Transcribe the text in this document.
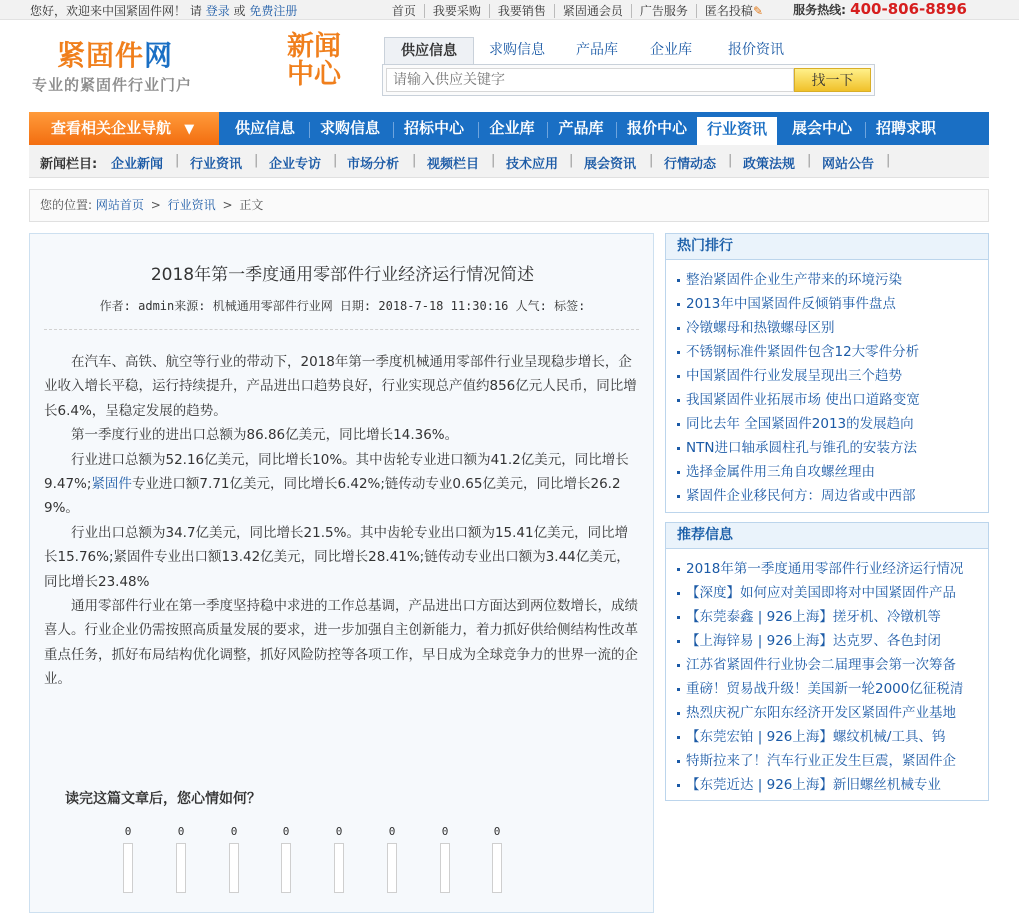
您好，欢迎来中国紧固件网！ 请 登录 或 免费注册	首页 我要采购 我要销售 紧固通会员 广告服务 匿名投稿✎	服务热线: 400-806-8896
紧固件网
专业的紧固件行业门户
新闻中心
供应信息	求购信息	产品库	企业库	报价资讯
请输入供应关键字
找一下
查看相关企业导航 ▼	供应信息	求购信息	招标中心	企业库	产品库	报价中心	行业资讯	展会中心	招聘求职
新闻栏目: 企业新闻 | 行业资讯 | 企业专访 | 市场分析 | 视频栏目 | 技术应用 | 展会资讯 | 行情动态 | 政策法规 | 网站公告 |
您的位置: 网站首页 > 行业资讯 > 正文
2018年第一季度通用零部件行业经济运行情况简述
作者: admin来源: 机械通用零部件行业网 日期: 2018-7-18 11:30:16 人气: 标签:

在汽车、高铁、航空等行业的带动下，2018年第一季度机械通用零部件行业呈现稳步增长，企业收入增长平稳，运行持续提升，产品进出口趋势良好，行业实现总产值约856亿元人民币，同比增长6.4%，呈稳定发展的趋势。

第一季度行业的进出口总额为86.86亿美元，同比增长14.36%。

行业进口总额为52.16亿美元，同比增长10%。其中齿轮专业进口额为41.2亿美元，同比增长9.47%;紧固件专业进口额7.71亿美元，同比增长6.42%;链传动专业0.65亿美元，同比增长26.29%。

行业出口总额为34.7亿美元，同比增长21.5%。其中齿轮专业出口额为15.41亿美元，同比增长15.76%;紧固件专业出口额13.42亿美元，同比增长28.41%;链传动专业出口额为3.44亿美元，同比增长23.48%

通用零部件行业在第一季度坚持稳中求进的工作总基调，产品进出口方面达到两位数增长，成绩喜人。行业企业仍需按照高质量发展的要求，进一步加强自主创新能力，着力抓好供给侧结构性改革重点任务，抓好布局结构优化调整，抓好风险防控等各项工作，早日成为全球竞争力的世界一流的企业。

读完这篇文章后，您心情如何？
0	0	0	0	0	0	0	0
热门排行
整治紧固件企业生产带来的环境污染
2013年中国紧固件反倾销事件盘点
冷镦螺母和热镦螺母区别
不锈钢标准件紧固件包含12大零件分析
中国紧固件行业发展呈现出三个趋势
我国紧固件业拓展市场 使出口道路变宽
同比去年 全国紧固件2013的发展趋向
NTN进口轴承圆柱孔与锥孔的安装方法
选择金属件用三角自攻螺丝理由
紧固件企业移民何方：周边省或中西部
推荐信息
2018年第一季度通用零部件行业经济运行情况
【深度】如何应对美国即将对中国紧固件产品
【东莞泰鑫 | 926上海】搓牙机、冷镦机等
【上海锌易 | 926上海】达克罗、各色封闭
江苏省紧固件行业协会二届理事会第一次筹备
重磅！贸易战升级！美国新一轮2000亿征税清
热烈庆祝广东阳东经济开发区紧固件产业基地
【东莞宏铂 | 926上海】螺纹机械/工具、钨
特斯拉来了！汽车行业正发生巨震，紧固件企
【东莞近达 | 926上海】新旧螺丝机械专业
